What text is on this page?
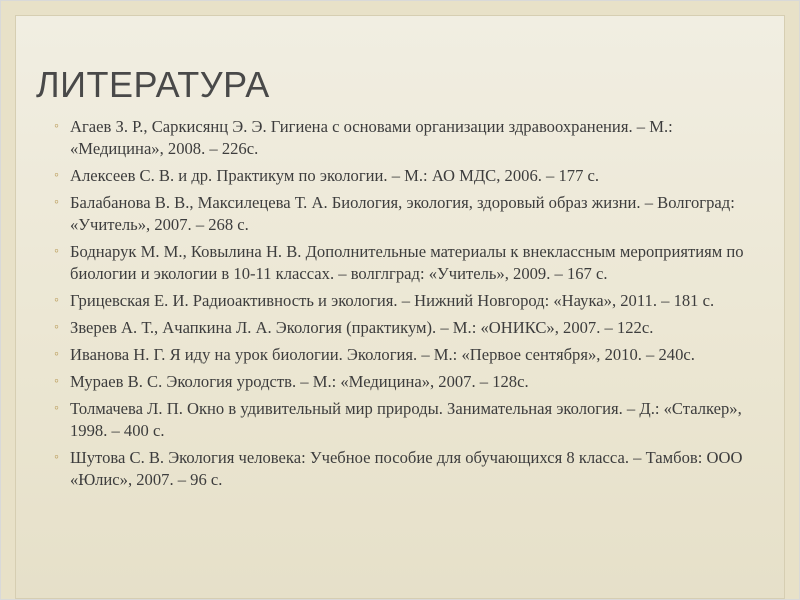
ЛИТЕРАТУРА
◦ Агаев З. Р., Саркисянц Э. Э. Гигиена с основами организации здравоохранения. – М.: «Медицина», 2008. – 226с.
◦ Алексеев С. В. и др. Практикум по экологии. – М.: АО МДС, 2006. – 177 с.
◦ Балабанова В. В., Максилецева Т. А. Биология, экология, здоровый образ жизни. – Волгоград: «Учитель», 2007. – 268 с.
◦ Боднарук М. М., Ковылина Н. В. Дополнительные материалы к внеклассным мероприятиям по биологии и экологии в 10-11 классах. – волглград: «Учитель», 2009. – 167 с.
◦ Грицевская Е. И. Радиоактивность и экология. – Нижний Новгород: «Наука», 2011. – 181 с.
◦ Зверев А. Т., Ачапкина Л. А. Экология (практикум). – М.: «ОНИКС», 2007. – 122с.
◦ Иванова Н. Г. Я иду на урок биологии. Экология. – М.: «Первое сентября», 2010. – 240с.
◦ Мураев В. С. Экология уродств. – М.: «Медицина», 2007. – 128с.
◦ Толмачева Л. П. Окно в удивительный мир природы. Занимательная экология. – Д.: «Сталкер», 1998. – 400 с.
◦ Шутова С. В. Экология человека: Учебное пособие для обучающихся 8 класса. – Тамбов: ООО «Юлис», 2007. – 96 с.
